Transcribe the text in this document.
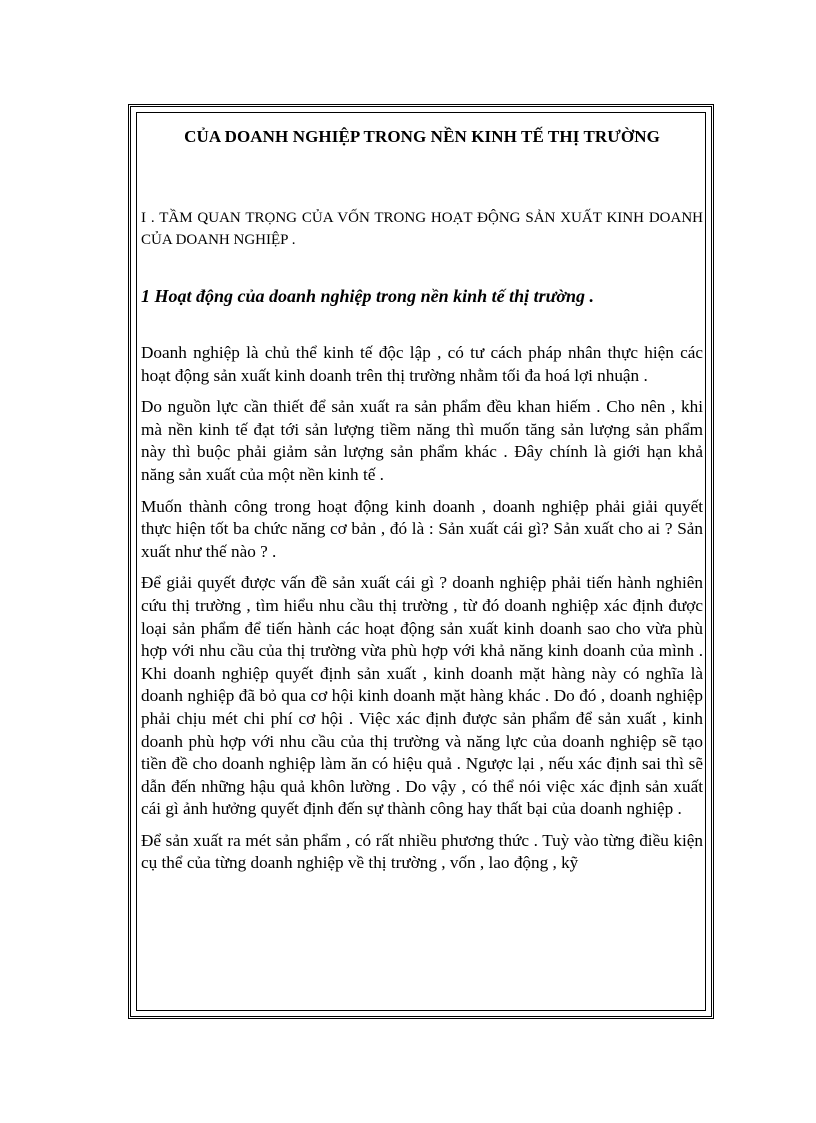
CỦA DOANH NGHIỆP TRONG NỀN KINH TẾ THỊ TRƯỜNG
I . TẦM QUAN TRỌNG CỦA VỐN TRONG HOẠT ĐỘNG SẢN XUẤT KINH DOANH CỦA DOANH NGHIỆP .
1 Hoạt động của doanh nghiệp trong nền kinh tế thị trường .

Doanh nghiệp là chủ thể kinh tế độc lập , có tư cách pháp nhân thực hiện các hoạt động sản xuất kinh doanh trên thị trường nhằm tối đa hoá lợi nhuận .

Do nguồn lực cần thiết để sản xuất ra sản phẩm đều khan hiếm . Cho nên , khi mà nền kinh tế đạt tới sản lượng tiềm năng thì muốn tăng sản lượng sản phẩm này thì buộc phải giảm sản lượng sản phẩm khác . Đây chính là giới hạn khả năng sản xuất của một nền kinh tế .

Muốn thành công trong hoạt động kinh doanh , doanh nghiệp phải giải quyết thực hiện tốt ba chức năng cơ bản , đó là : Sản xuất cái gì? Sản xuất cho ai ? Sản xuất như thế nào ? .

Để giải quyết được vấn đề sản xuất cái gì ? doanh nghiệp phải tiến hành nghiên cứu thị trường , tìm hiểu nhu cầu thị trường , từ đó doanh nghiệp xác định được loại sản phẩm để tiến hành các hoạt động sản xuất kinh doanh sao cho vừa phù hợp với nhu cầu của thị trường vừa phù hợp với khả năng kinh doanh của mình . Khi doanh nghiệp quyết định sản xuất , kinh doanh mặt hàng này có nghĩa là doanh nghiệp đã bỏ qua cơ hội kinh doanh mặt hàng khác . Do đó , doanh nghiệp phải chịu mét chi phí cơ hội . Việc xác định được sản phẩm để sản xuất , kinh doanh phù hợp với nhu cầu của thị trường và năng lực của doanh nghiệp sẽ tạo tiền đề cho doanh nghiệp làm ăn có hiệu quả . Ngược lại , nếu xác định sai thì sẽ dẫn đến những hậu quả khôn lường . Do vậy , có thể nói việc xác định sản xuất cái gì ảnh hưởng quyết định đến sự thành công hay thất bại của doanh nghiệp .

Để sản xuất ra mét sản phẩm , có rất nhiều phương thức . Tuỳ vào từng điều kiện cụ thể của từng doanh nghiệp về thị trường , vốn , lao động , kỹ
